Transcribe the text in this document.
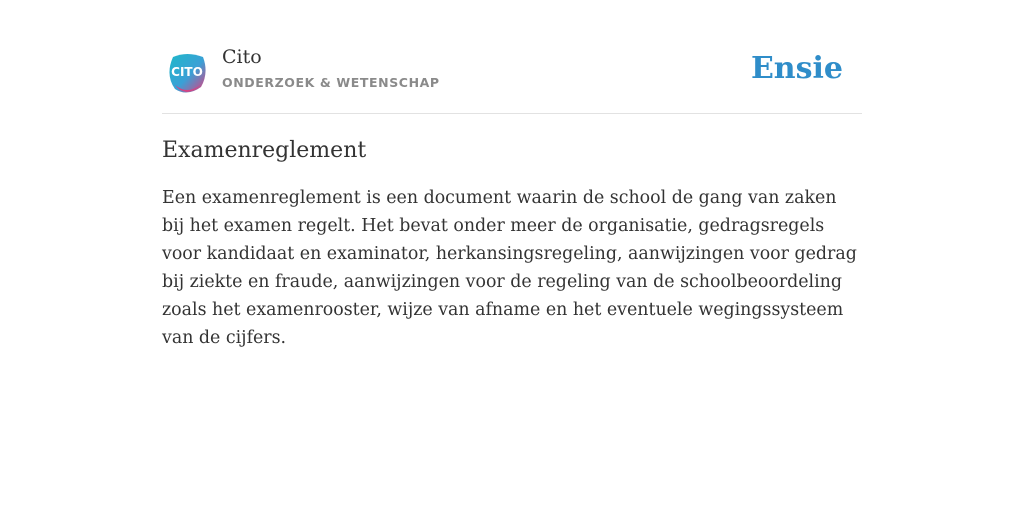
CITO
Cito
ONDERZOEK & WETENSCHAP	Ensie
Examenreglement

Een examenreglement is een document waarin de school de gang van zaken bij het examen regelt. Het bevat onder meer de organisatie, gedragsregels voor kandidaat en examinator, herkansingsregeling, aanwijzingen voor gedrag bij ziekte en fraude, aanwijzingen voor de regeling van de schoolbeoordeling zoals het examenrooster, wijze van afname en het eventuele wegingssysteem van de cijfers.
